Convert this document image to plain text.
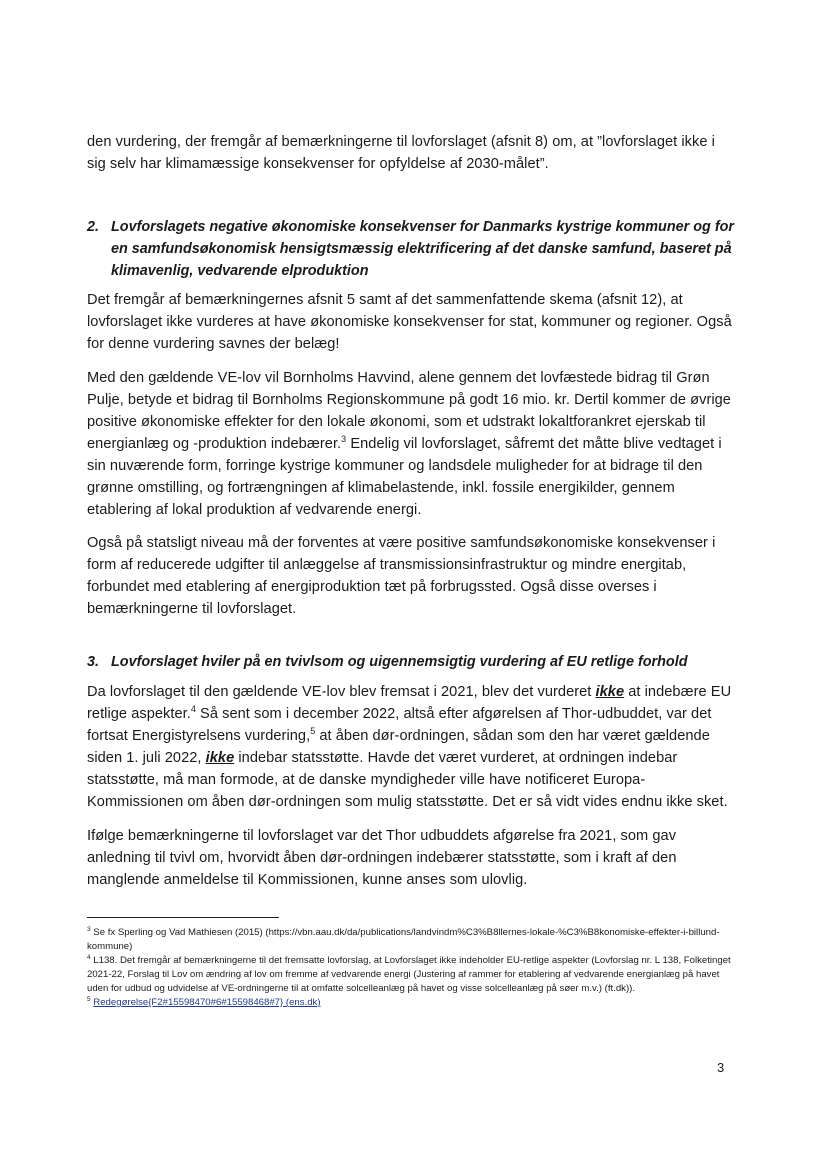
den vurdering, der fremgår af bemærkningerne til lovforslaget (afsnit 8) om, at ”lovforslaget ikke i sig selv har klimamæssige konsekvenser for opfyldelse af 2030-målet”.

2. Lovforslagets negative økonomiske konsekvenser for Danmarks kystrige kommuner og for en samfundsøkonomisk hensigtsmæssig elektrificering af det danske samfund, baseret på klimavenlig, vedvarende elproduktion

Det fremgår af bemærkningernes afsnit 5 samt af det sammenfattende skema (afsnit 12), at lovforslaget ikke vurderes at have økonomiske konsekvenser for stat, kommuner og regioner. Også for denne vurdering savnes der belæg!

Med den gældende VE-lov vil Bornholms Havvind, alene gennem det lovfæstede bidrag til Grøn Pulje, betyde et bidrag til Bornholms Regionskommune på godt 16 mio. kr. Dertil kommer de øvrige positive økonomiske effekter for den lokale økonomi, som et udstrakt lokaltforankret ejerskab til energianlæg og -produktion indebærer.$^3$ Endelig vil lovforslaget, såfremt det måtte blive vedtaget i sin nuværende form, forringe kystrige kommuner og landsdele muligheder for at bidrage til den grønne omstilling, og fortrængningen af klimabelastende, inkl. fossile energikilder, gennem etablering af lokal produktion af vedvarende energi.

Også på statsligt niveau må der forventes at være positive samfundsøkonomiske konsekvenser i form af reducerede udgifter til anlæggelse af transmissionsinfrastruktur og mindre energitab, forbundet med etablering af energiproduktion tæt på forbrugssted. Også disse overses i bemærkningerne til lovforslaget.

3. Lovforslaget hviler på en tvivlsom og uigennemsigtig vurdering af EU retlige forhold

Da lovforslaget til den gældende VE-lov blev fremsat i 2021, blev det vurderet ikke at indebære EU retlige aspekter.$^4$ Så sent som i december 2022, altså efter afgørelsen af Thor-udbuddet, var det fortsat Energistyrelsens vurdering,$^5$ at åben dør-ordningen, sådan som den har været gældende siden 1. juli 2022, ikke indebar statsstøtte. Havde det været vurderet, at ordningen indebar statsstøtte, må man formode, at de danske myndigheder ville have notificeret Europa-Kommissionen om åben dør-ordningen som mulig statsstøtte. Det er så vidt vides endnu ikke sket.

Ifølge bemærkningerne til lovforslaget var det Thor udbuddets afgørelse fra 2021, som gav anledning til tvivl om, hvorvidt åben dør-ordningen indebærer statsstøtte, som i kraft af den manglende anmeldelse til Kommissionen, kunne anses som ulovlig.

$^3$ Se fx Sperling og Vad Mathiesen (2015) (https://vbn.aau.dk/da/publications/landvindm%C3%B8llernes-lokale-%C3%B8konomiske-effekter-i-billund-kommune)

$^4$ L138. Det fremgår af bemærkningerne til det fremsatte lovforslag, at Lovforslaget ikke indeholder EU-retlige aspekter (Lovforslag nr. L 138, Folketinget 2021-22, Forslag til Lov om ændring af lov om fremme af vedvarende energi (Justering af rammer for etablering af vedvarende energianlæg på havet uden for udbud og udvidelse af VE-ordningerne til at omfatte solcelleanlæg på havet og visse solcelleanlæg på søer m.v.) (ft.dk)).

$^5$ Redegørelse{F2#15598470#6#15598468#7} (ens.dk)

3
